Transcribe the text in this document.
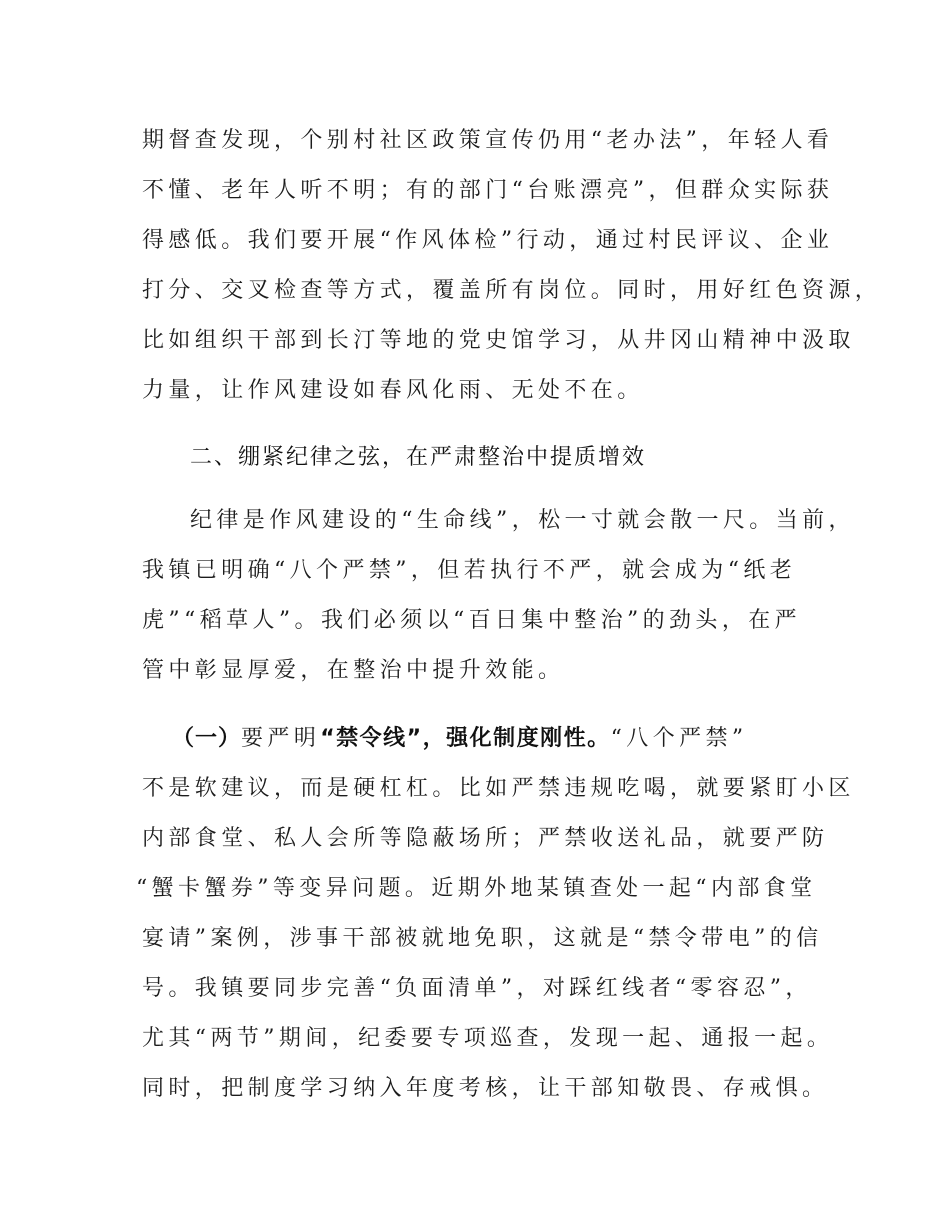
期督查发现，个别村社区政策宣传仍用“老办法”，年轻人看
不懂、老年人听不明；有的部门“台账漂亮”，但群众实际获
得感低。我们要开展“作风体检”行动，通过村民评议、企业
打分、交叉检查等方式，覆盖所有岗位。同时，用好红色资源，
比如组织干部到长汀等地的党史馆学习，从井冈山精神中汲取
力量，让作风建设如春风化雨、无处不在。
二、绷紧纪律之弦，在严肃整治中提质增效
纪律是作风建设的“生命线”，松一寸就会散一尺。当前，
我镇已明确“八个严禁”，但若执行不严，就会成为“纸老
虎”“稻草人”。我们必须以“百日集中整治”的劲头，在严
管中彰显厚爱，在整治中提升效能。
（一）要严明“禁令线”，强化制度刚性。“八个严禁”
不是软建议，而是硬杠杠。比如严禁违规吃喝，就要紧盯小区
内部食堂、私人会所等隐蔽场所；严禁收送礼品，就要严防
“蟹卡蟹券”等变异问题。近期外地某镇查处一起“内部食堂
宴请”案例，涉事干部被就地免职，这就是“禁令带电”的信
号。我镇要同步完善“负面清单”，对踩红线者“零容忍”，
尤其“两节”期间，纪委要专项巡查，发现一起、通报一起。
同时，把制度学习纳入年度考核，让干部知敬畏、存戒惧。
